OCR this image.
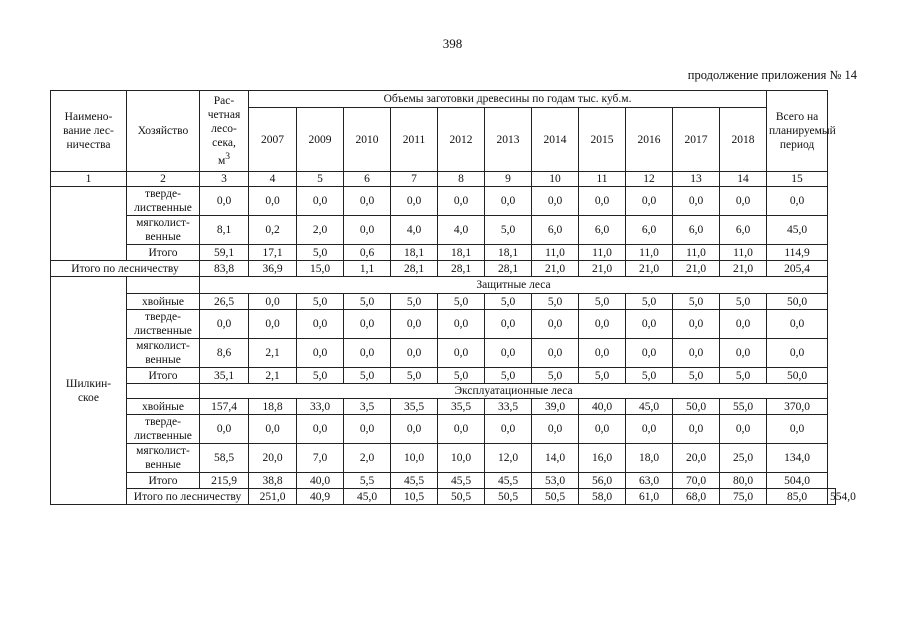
398
продолжение приложения № 14
Наимено-
вание лес-
ничества	Хозяйство	Рас-
четная
лесо-
сека,
$м^3$	Объемы заготовки древесины по годам тыс. куб.м.											Всего на
планируемый
период	
			2007	2009	2010	2011	2012	2013	2014	2015	2016	2017	2018		
1	2	3	4	5	6	7	8	9	10	11	12	13	14	15	
	тверде-
лиственные	0,0	0,0	0,0	0,0	0,0	0,0	0,0	0,0	0,0	0,0	0,0	0,0	0,0	
	мягколист-
венные	8,1	0,2	2,0	0,0	4,0	4,0	5,0	6,0	6,0	6,0	6,0	6,0	45,0	
	Итого	59,1	17,1	5,0	0,6	18,1	18,1	18,1	11,0	11,0	11,0	11,0	11,0	114,9	
Итого по лесничеству		83,8	36,9	15,0	1,1	28,1	28,1	28,1	21,0	21,0	21,0	21,0	21,0	205,4	
Шилкин-
ское		Защитные леса													
	хвойные	26,5	0,0	5,0	5,0	5,0	5,0	5,0	5,0	5,0	5,0	5,0	5,0	50,0	
	тверде-
лиственные	0,0	0,0	0,0	0,0	0,0	0,0	0,0	0,0	0,0	0,0	0,0	0,0	0,0	
	мягколист-
венные	8,6	2,1	0,0	0,0	0,0	0,0	0,0	0,0	0,0	0,0	0,0	0,0	0,0	
	Итого	35,1	2,1	5,0	5,0	5,0	5,0	5,0	5,0	5,0	5,0	5,0	5,0	50,0	
		Эксплуатационные леса													
	хвойные	157,4	18,8	33,0	3,5	35,5	35,5	33,5	39,0	40,0	45,0	50,0	55,0	370,0	
	тверде-
лиственные	0,0	0,0	0,0	0,0	0,0	0,0	0,0	0,0	0,0	0,0	0,0	0,0	0,0	
	мягколист-
венные	58,5	20,0	7,0	2,0	10,0	10,0	12,0	14,0	16,0	18,0	20,0	25,0	134,0	
	Итого	215,9	38,8	40,0	5,5	45,5	45,5	45,5	53,0	56,0	63,0	70,0	80,0	504,0	
	Итого по лесничеству		251,0	40,9	45,0	10,5	50,5	50,5	50,5	58,0	61,0	68,0	75,0	85,0	554,0
